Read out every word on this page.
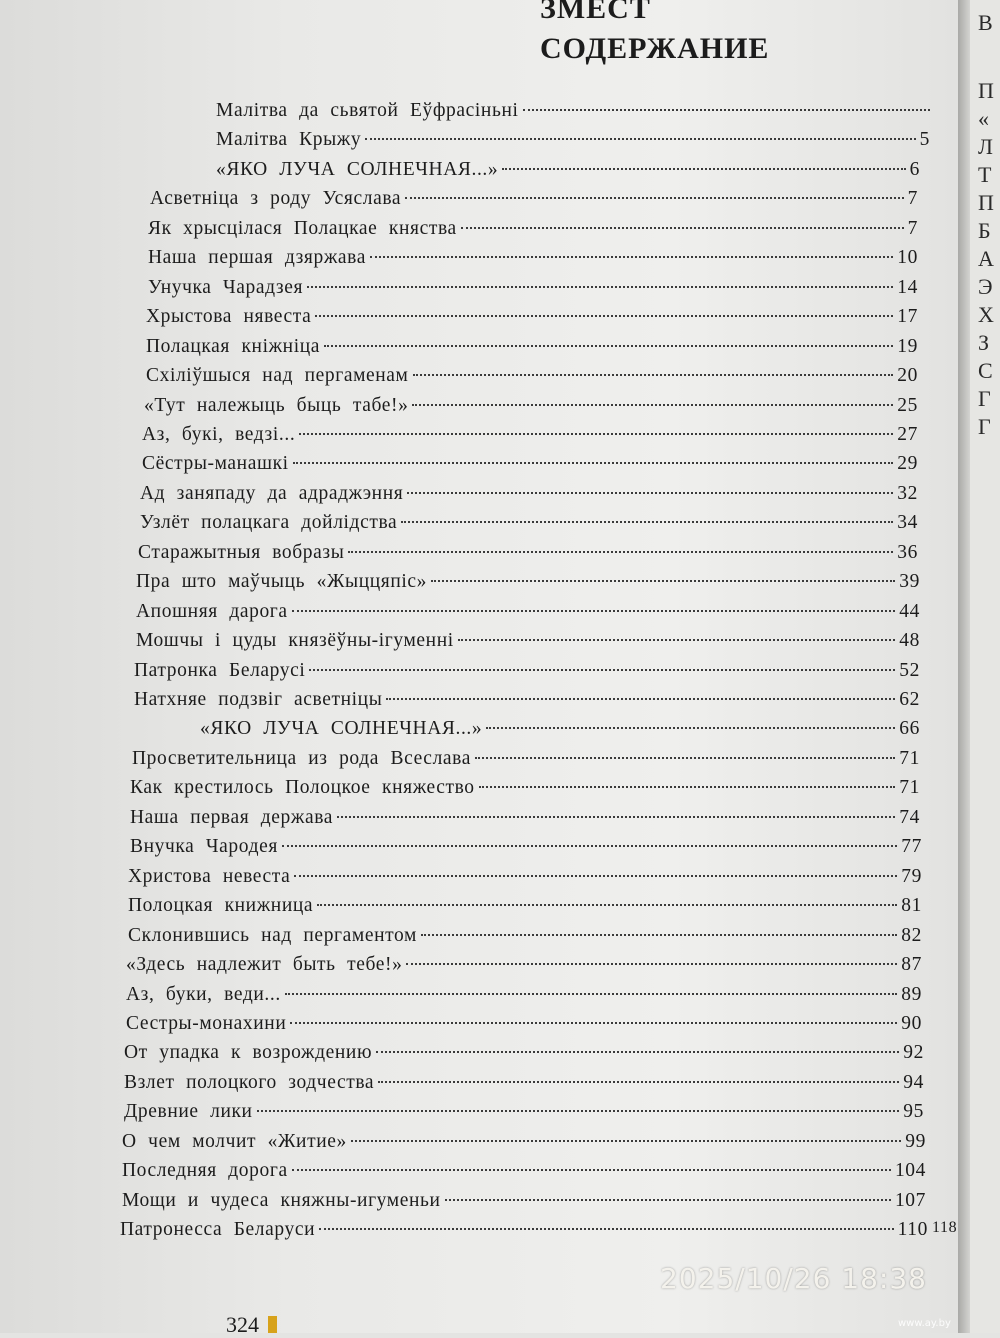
ЗМЕСТ
СОДЕРЖАНИЕ
Малітва да сьвятой Еўфрасіньні
Малітва Крыжу	5
«ЯКО ЛУЧА СОЛНЕЧНАЯ...»	6
Асветніца з роду Усяслава	7
Як хрысцілася Полацкае княства	7
Наша першая дзяржава	10
Унучка Чарадзея	14
Хрыстова нявеста	17
Полацкая кніжніца	19
Схіліўшыся над пергаменам	20
«Тут належыць быць табе!»	25
Аз, букі, ведзі...	27
Сёстры-манашкі	29
Ад заняпаду да адраджэння	32
Узлёт полацкага дойлідства	34
Старажытныя вобразы	36
Пра што маўчыць «Жыццяпіс»	39
Апошняя дарога	44
Мошчы і цуды князёўны-ігуменні	48
Патронка Беларусі	52
Натхняе подзвіг асветніцы	62
«ЯКО ЛУЧА СОЛНЕЧНАЯ...»	66
Просветительница из рода Всеслава	71
Как крестилось Полоцкое княжество	71
Наша первая держава	74
Внучка Чародея	77
Христова невеста	79
Полоцкая книжница	81
Склонившись над пергаментом	82
«Здесь надлежит быть тебе!»	87
Аз, буки, веди...	89
Сестры-монахини	90
От упадка к возрождению	92
Взлет полоцкого зодчества	94
Древние лики	95
О чем молчит «Житие»	99
Последняя дорога	104
Мощи и чудеса княжны-игуменьи	107
Патронесса Беларуси	110 118

324

В
П
«
Л
Т
П
Б
А
Э
Х
З
С
Г
Г
2025/10/26 18:38
www.ay.by
